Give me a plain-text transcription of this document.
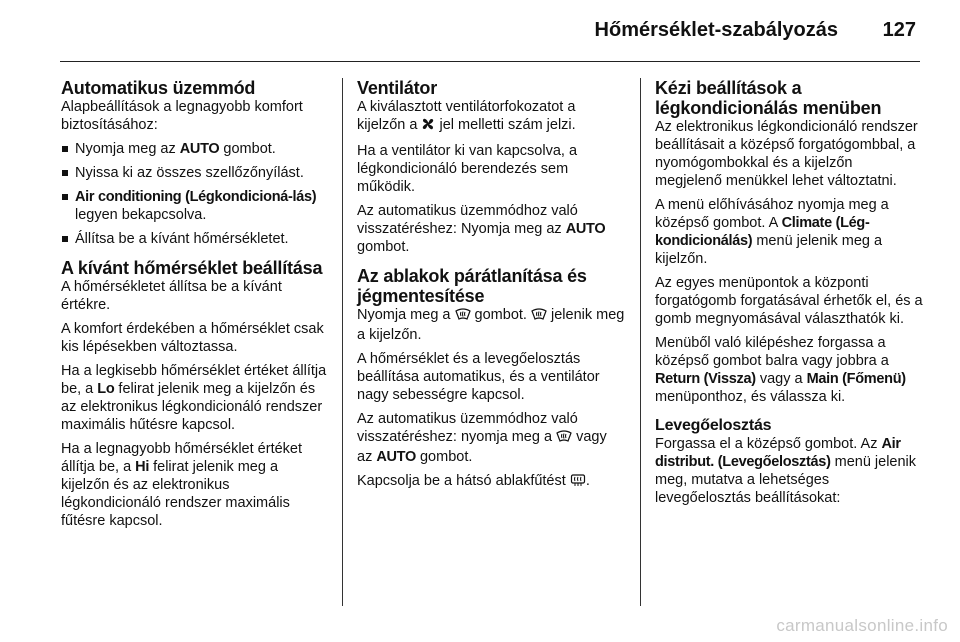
Hőmérséklet-szabályozás 127
Automatikus üzemmód

Alapbeállítások a legnagyobb komfort biztosításához:

Nyomja meg az AUTO gombot.
Nyissa ki az összes szellőzőnyílást.
Air conditioning (Légkondicioná-lás) legyen bekapcsolva.
Állítsa be a kívánt hőmérsékletet.
A kívánt hőmérséklet beállítása

A hőmérsékletet állítsa be a kívánt értékre.

A komfort érdekében a hőmérséklet csak kis lépésekben változtassa.

Ha a legkisebb hőmérséklet értéket állítja be, a Lo felirat jelenik meg a kijelzőn és az elektronikus légkondicionáló rendszer maximális hűtésre kapcsol.

Ha a legnagyobb hőmérséklet értéket állítja be, a Hi felirat jelenik meg a kijelzőn és az elektronikus légkondicionáló rendszer maximális fűtésre kapcsol.

Ventilátor

A kiválasztott ventilátorfokozatot a kijelzőn a  jel melletti szám jelzi.

Ha a ventilátor ki van kapcsolva, a légkondicionáló berendezés sem működik.

Az automatikus üzemmódhoz való visszatéréshez: Nyomja meg az AUTO gombot.

Az ablakok párátlanítása és jégmentesítése

Nyomja meg a  gombot.  jelenik meg a kijelzőn.

A hőmérséklet és a levegőelosztás beállítása automatikus, és a ventilátor nagy sebességre kapcsol.

Az automatikus üzemmódhoz való visszatéréshez: nyomja meg a  vagy az AUTO gombot.

Kapcsolja be a hátsó ablakfűtést .

Kézi beállítások a légkondicionálás menüben

Az elektronikus légkondicionáló rendszer beállításait a középső forgatógombbal, a nyomógombokkal és a kijelzőn megjelenő menükkel lehet változtatni.

A menü előhívásához nyomja meg a középső gombot. A Climate (Lég-kondicionálás) menü jelenik meg a kijelzőn.

Az egyes menüpontok a központi forgatógomb forgatásával érhetők el, és a gomb megnyomásával választhatók ki.

Menüből való kilépéshez forgassa a középső gombot balra vagy jobbra a Return (Vissza) vagy a Main (Főmenü) menüponthoz, és válassza ki.

Levegőelosztás

Forgassa el a középső gombot. Az Air distribut. (Levegőelosztás) menü jelenik meg, mutatva a lehetséges levegőelosztás beállításokat:

carmanualsonline.info
